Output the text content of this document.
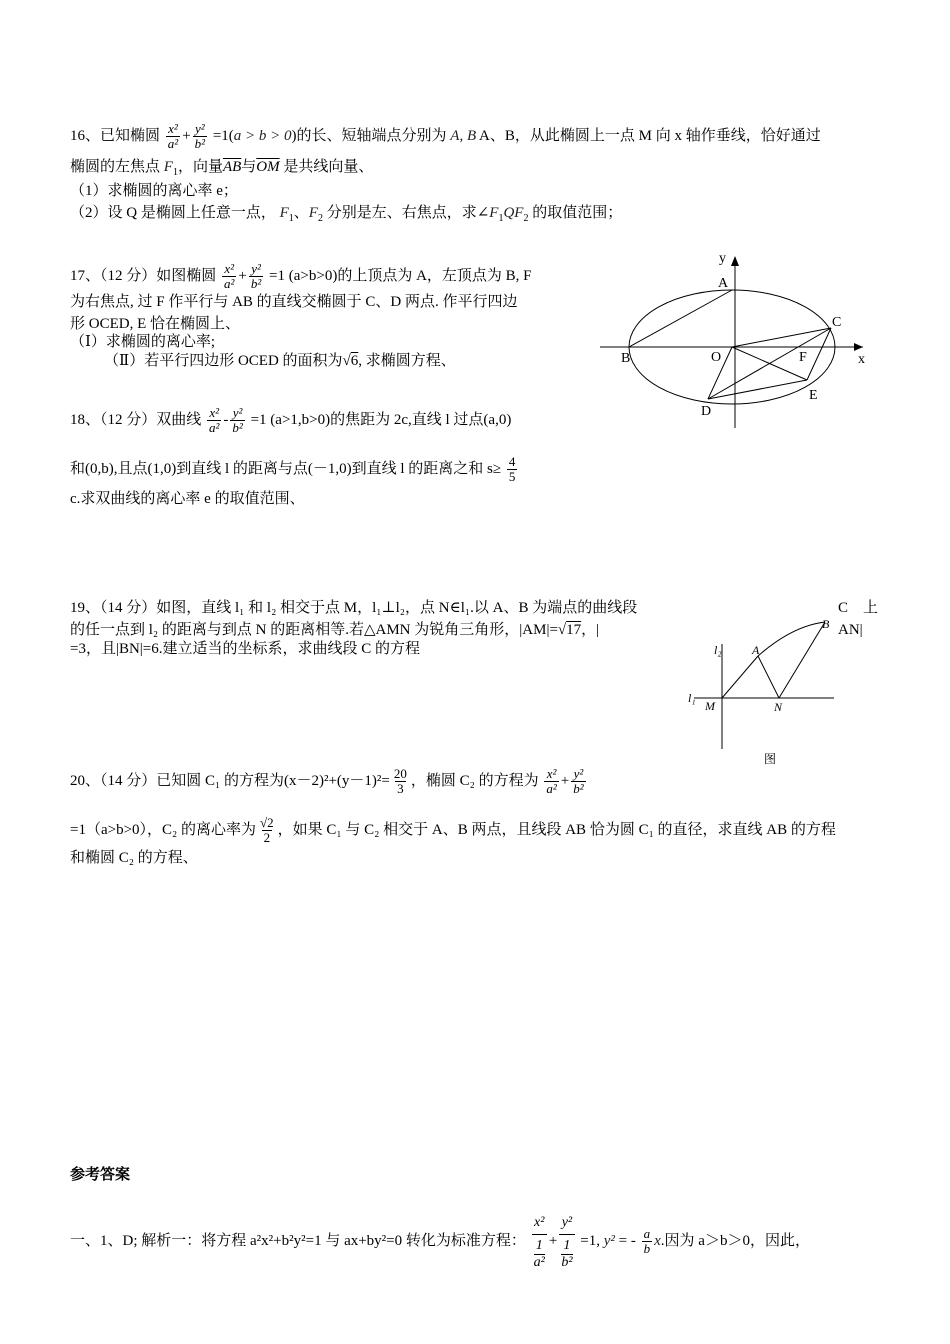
16、已知椭圆 $\frac{\text{x²}}{\text{a²}} + \frac{\text{y²}}{\text{b²}} =1(a > b > 0)$的长、短轴端点分别为 A, B A、B，从此椭圆上一点 M 向 x 轴作垂线，恰好通过
椭圆的左焦点 $F_1$，向量$\overline{AB}$与$\overline{OM}$ 是共线向量、
（1）求椭圆的离心率 e；
（2）设 Q 是椭圆上任意一点， $F_1$、$F_2$ 分别是左、右焦点，求$\angle F_1QF_2$ 的取值范围；
17、（12 分）如图椭圆 $\frac{\text{x²}}{\text{a²}} + \frac{\text{y²}}{\text{b²}} =1$ (a>b>0)的上顶点为 A，左顶点为 B, F
为右焦点, 过 F 作平行与 AB 的直线交椭圆于 C、D 两点. 作平行四边
形 OCED, E 恰在椭圆上、
（Ⅰ）求椭圆的离心率;
（Ⅱ）若平行四边形 OCED 的面积为√6, 求椭圆方程、
y
x
A
B
C
O	F
E
D
18、（12 分）双曲线 $\frac{\text{x²}}{\text{a²}} - \frac{\text{y²}}{\text{b²}} =1$ (a>1,b>0)的焦距为 2c,直线 l 过点(a,0)
和(0,b),且点(1,0)到直线 l 的距离与点(－1,0)到直线 l 的距离之和 $s\ge \frac{4}{5}$
c.求双曲线的离心率 e 的取值范围、
19、（14 分）如图，直线 l₁ 和 l₂ 相交于点 M，l₁⊥l₂，点 N∈l₁.以 A、B 为端点的曲线段	C　上
的任一点到 l₂ 的距离与到点 N 的距离相等.若△AMN 为锐角三角形，|AM|=√17，|	AN|
=3，且|BN|=6.建立适当的坐标系，求曲线段 C 的方程	l₂
l₁
A
B
M	N
图
20、（14 分）已知圆 C₁ 的方程为$(x-2)^2+(y-1)^2= \frac{20}{3}$ ，椭圆 C₂ 的方程为 $\frac{\text{x²}}{\text{a²}} + \frac{\text{y²}}{\text{b²}}$
=1（a>b>0），C₂ 的离心率为 $\frac{√2}{2}$ ，如果 C₁ 与 C₂ 相交于 A、B 两点，且线段 AB 恰为圆 C₁ 的直径，求直线 AB 的方程
和椭圆 C₂ 的方程、
参考答案
一、1、D; 解析一：将方程 a²x²+b²y²=1 与 ax+by²=0 转化为标准方程： $\frac{\text{x²}}{\frac{1}{\text{a²}}} + \frac{\text{y²}}{\frac{1}{\text{b²}}} =1$, y² = - $\frac{a}{b} x$.因为 a＞b＞0，因此，
